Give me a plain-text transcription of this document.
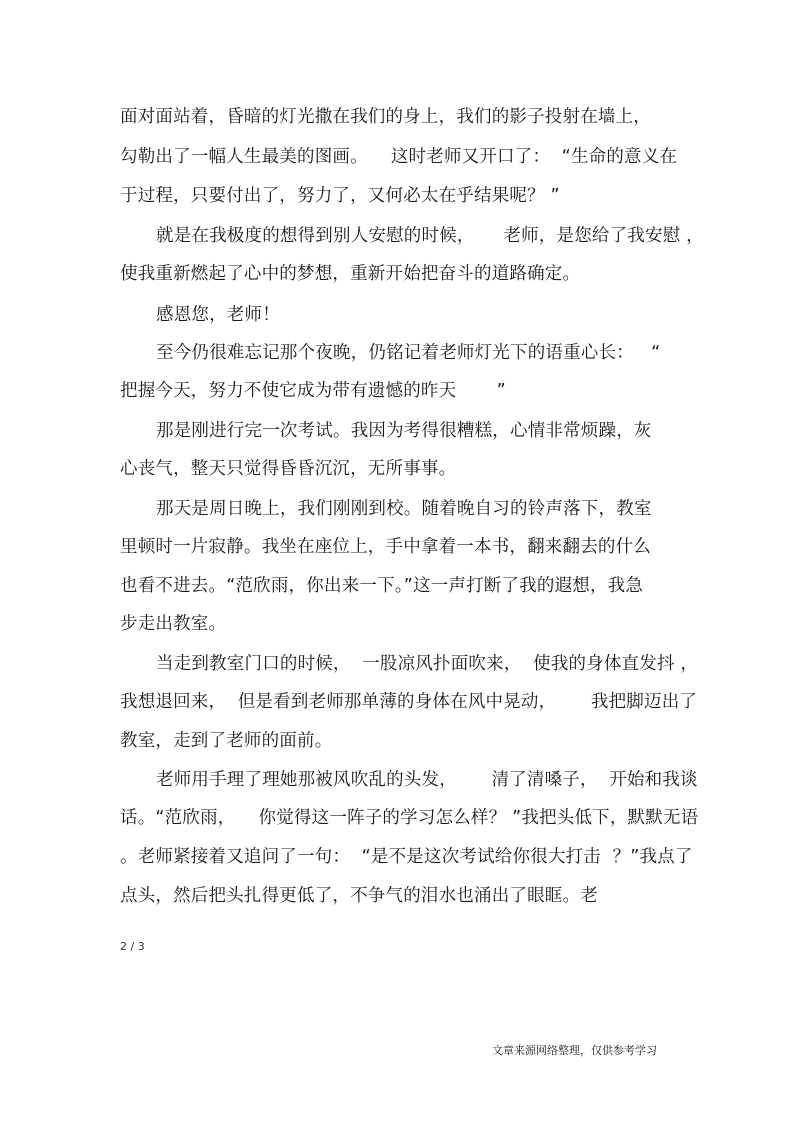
面对面站着，昏暗的灯光撒在我们的身上，我们的影子投射在墙上，
勾勒出了一幅人生最美的图画。    这时老师又开口了：  “生命的意义在
于过程，只要付出了，努力了，又何必太在乎结果呢？ ”
就是在我极度的想得到别人安慰的时候，     老师，是您给了我安慰 ，
使我重新燃起了心中的梦想，重新开始把奋斗的道路确定。
感恩您，老师！
至今仍很难忘记那个夜晚，仍铭记着老师灯光下的语重心长：   “
把握今天，努力不使它成为带有遗憾的昨天       ”
那是刚进行完一次考试。我因为考得很糟糕，心情非常烦躁，灰
心丧气，整天只觉得昏昏沉沉，无所事事。
那天是周日晚上，我们刚刚到校。随着晚自习的铃声落下，教室
里顿时一片寂静。我坐在座位上，手中拿着一本书，翻来翻去的什么
也看不进去。“范欣雨，你出来一下。”这一声打断了我的遐想，我急
步走出教室。
当走到教室门口的时候，  一股凉风扑面吹来，  使我的身体直发抖 ，
我想退回来，  但是看到老师那单薄的身体在风中晃动，      我把脚迈出了
教室，走到了老师的面前。
老师用手理了理她那被风吹乱的头发，      清了清嗓子，  开始和我谈
话。“范欣雨，    你觉得这一阵子的学习怎么样？ ”我把头低下，默默无语
。老师紧接着又追问了一句：  “是不是这次考试给你很大打击  ？”我点了
点头，然后把头扎得更低了，不争气的泪水也涌出了眼眶。老
2 / 3
文章来源网络整理，仅供参考学习
